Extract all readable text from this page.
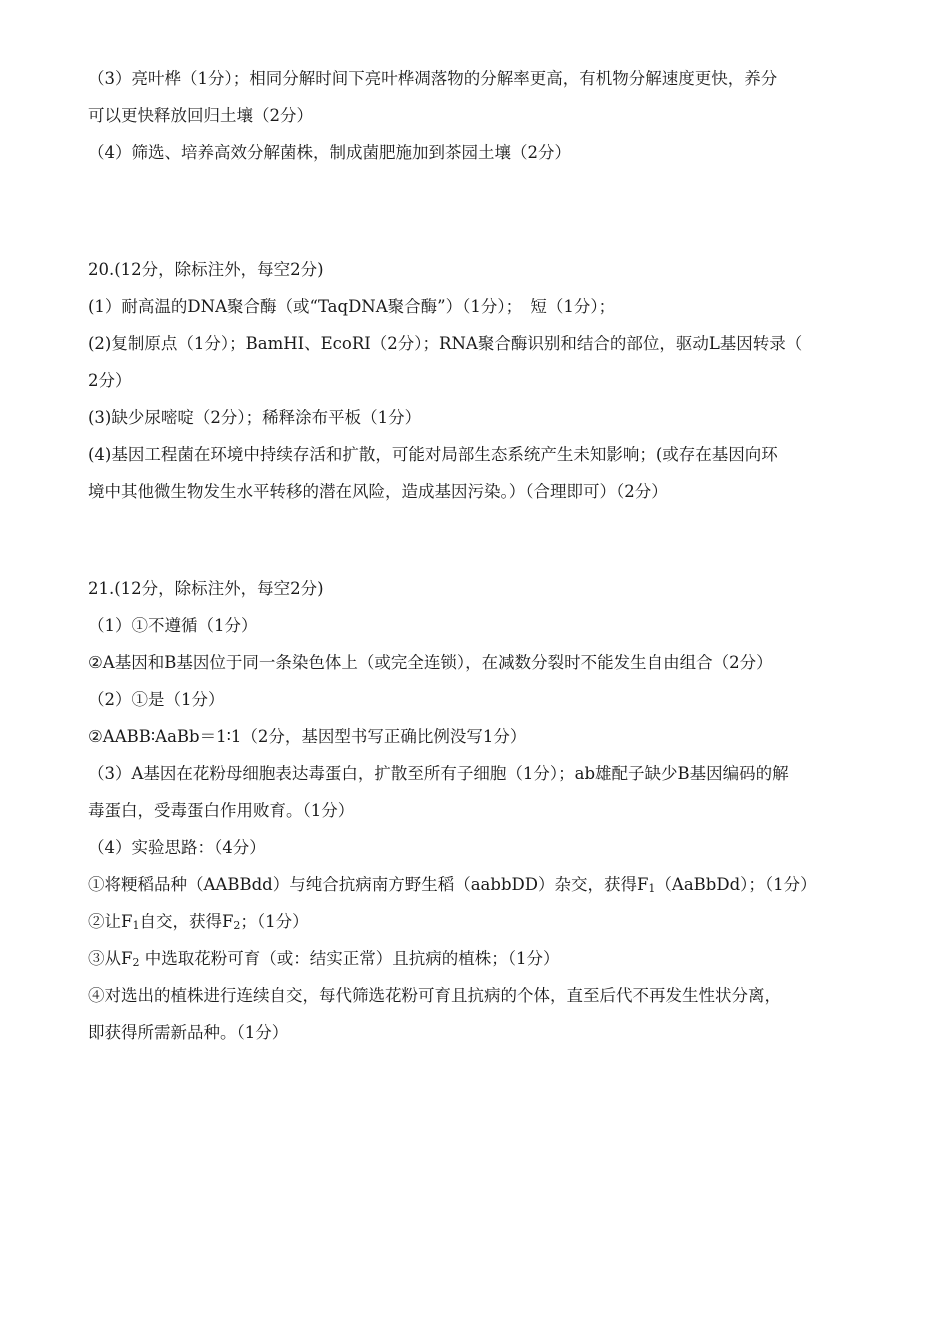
（3）亮叶桦（1分）；相同分解时间下亮叶桦凋落物的分解率更高，有机物分解速度更快，养分
可以更快释放回归土壤（2分）
（4）筛选、培养高效分解菌株，制成菌肥施加到茶园土壤（2分）
20.(12分，除标注外，每空2分)
(1）耐高温的DNA聚合酶（或“TaqDNA聚合酶”）（1分）；　短（1分）；
(2)复制原点（1分）；BamHⅠ、EcoRⅠ（2分）；RNA聚合酶识别和结合的部位，驱动L基因转录（
2分）
(3)缺少尿嘧啶（2分）；稀释涂布平板（1分）
(4)基因工程菌在环境中持续存活和扩散，可能对局部生态系统产生未知影响；(或存在基因向环
境中其他微生物发生水平转移的潜在风险，造成基因污染。）（合理即可）（2分）
21.(12分，除标注外，每空2分)
（1）①不遵循（1分）
②A基因和B基因位于同一条染色体上（或完全连锁），在减数分裂时不能发生自由组合（2分）
（2）①是（1分）
②AABB∶AaBb＝1∶1（2分，基因型书写正确比例没写1分）
（3）A基因在花粉母细胞表达毒蛋白，扩散至所有子细胞（1分）；ab雄配子缺少B基因编码的解
毒蛋白，受毒蛋白作用败育。（1分）
（4）实验思路：（4分）
①将粳稻品种（AABBdd）与纯合抗病南方野生稻（aabbDD）杂交，获得$F_1(AaBbDd)$；（1分）
②让$F_1$自交，获得$F_2$；（1分）
③从$F_2$ 中选取花粉可育（或：结实正常）且抗病的植株；（1分）
④对选出的植株进行连续自交，每代筛选花粉可育且抗病的个体，直至后代不再发生性状分离，
即获得所需新品种。（1分）
